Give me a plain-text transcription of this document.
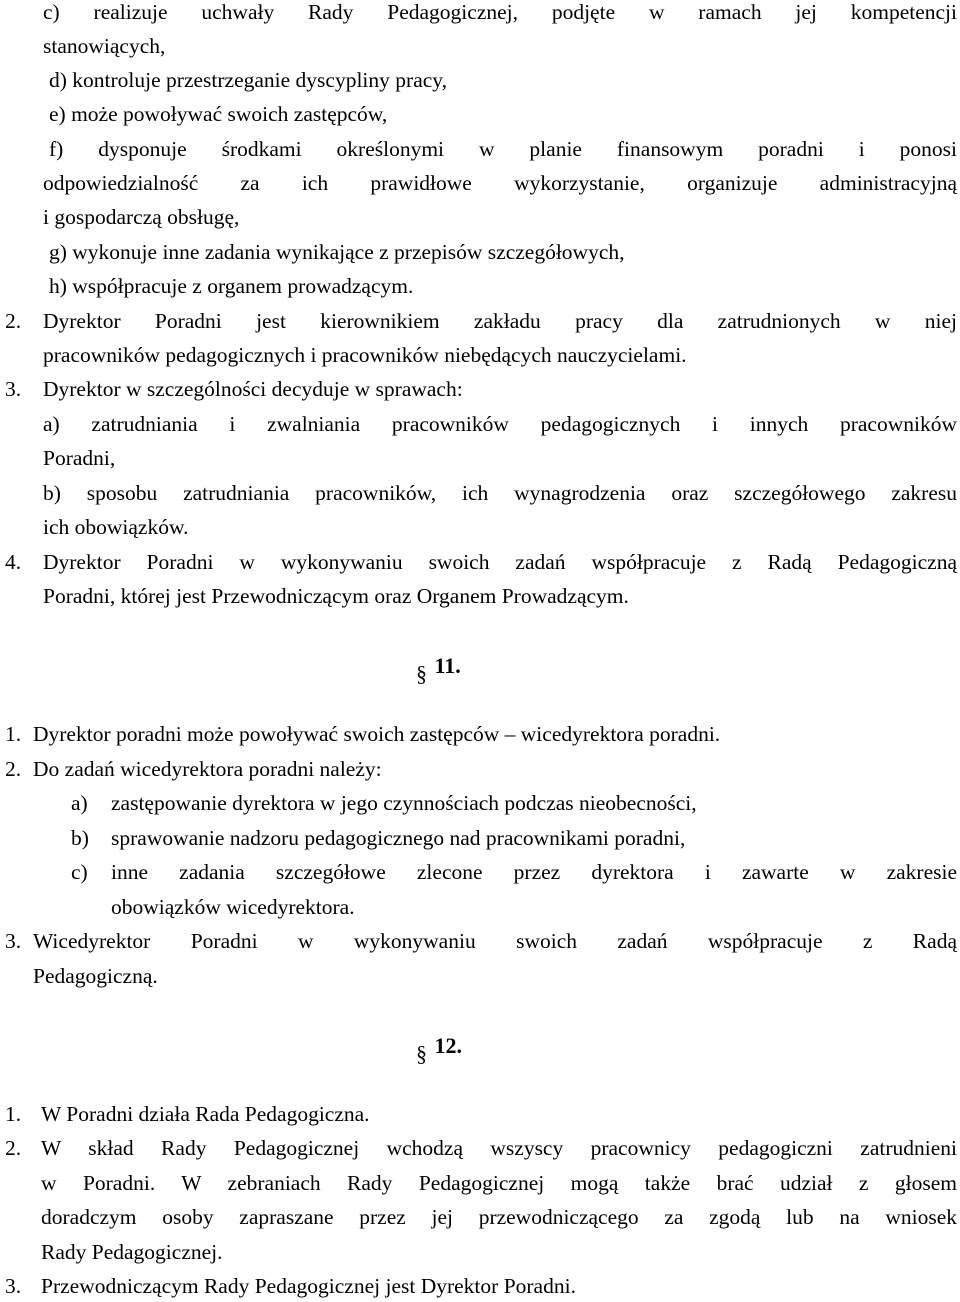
c) realizuje uchwały Rady Pedagogicznej, podjęte w ramach jej kompetencji
stanowiących,
d) kontroluje przestrzeganie dyscypliny pracy,
e) może powoływać swoich zastępców,
f) dysponuje środkami określonymi w planie finansowym poradni i ponosi
odpowiedzialność za ich prawidłowe wykorzystanie, organizuje administracyjną
i gospodarczą obsługę,
g) wykonuje inne zadania wynikające z przepisów szczegółowych,
h) współpracuje z organem prowadzącym.
2. Dyrektor Poradni jest kierownikiem zakładu pracy dla zatrudnionych w niej
pracowników pedagogicznych i pracowników niebędących nauczycielami.
3. Dyrektor w szczególności decyduje w sprawach:
a) zatrudniania i zwalniania pracowników pedagogicznych i innych pracowników
Poradni,
b) sposobu zatrudniania pracowników, ich wynagrodzenia oraz szczegółowego zakresu
ich obowiązków.
4. Dyrektor Poradni w wykonywaniu swoich zadań współpracuje z Radą Pedagogiczną
Poradni, której jest Przewodniczącym oraz Organem Prowadzącym.
§ 11.
1. Dyrektor poradni może powoływać swoich zastępców – wicedyrektora poradni.
2. Do zadań wicedyrektora poradni należy:
a) zastępowanie dyrektora w jego czynnościach podczas nieobecności,
b) sprawowanie nadzoru pedagogicznego nad pracownikami poradni,
c) inne zadania szczegółowe zlecone przez dyrektora i zawarte w zakresie
obowiązków wicedyrektora.
3. Wicedyrektor Poradni w wykonywaniu swoich zadań współpracuje z Radą
Pedagogiczną.
§ 12.
1. W Poradni działa Rada Pedagogiczna.
2. W skład Rady Pedagogicznej wchodzą wszyscy pracownicy pedagogiczni zatrudnieni
w Poradni. W zebraniach Rady Pedagogicznej mogą także brać udział z głosem
doradczym osoby zapraszane przez jej przewodniczącego za zgodą lub na wniosek
Rady Pedagogicznej.
3. Przewodniczącym Rady Pedagogicznej jest Dyrektor Poradni.
